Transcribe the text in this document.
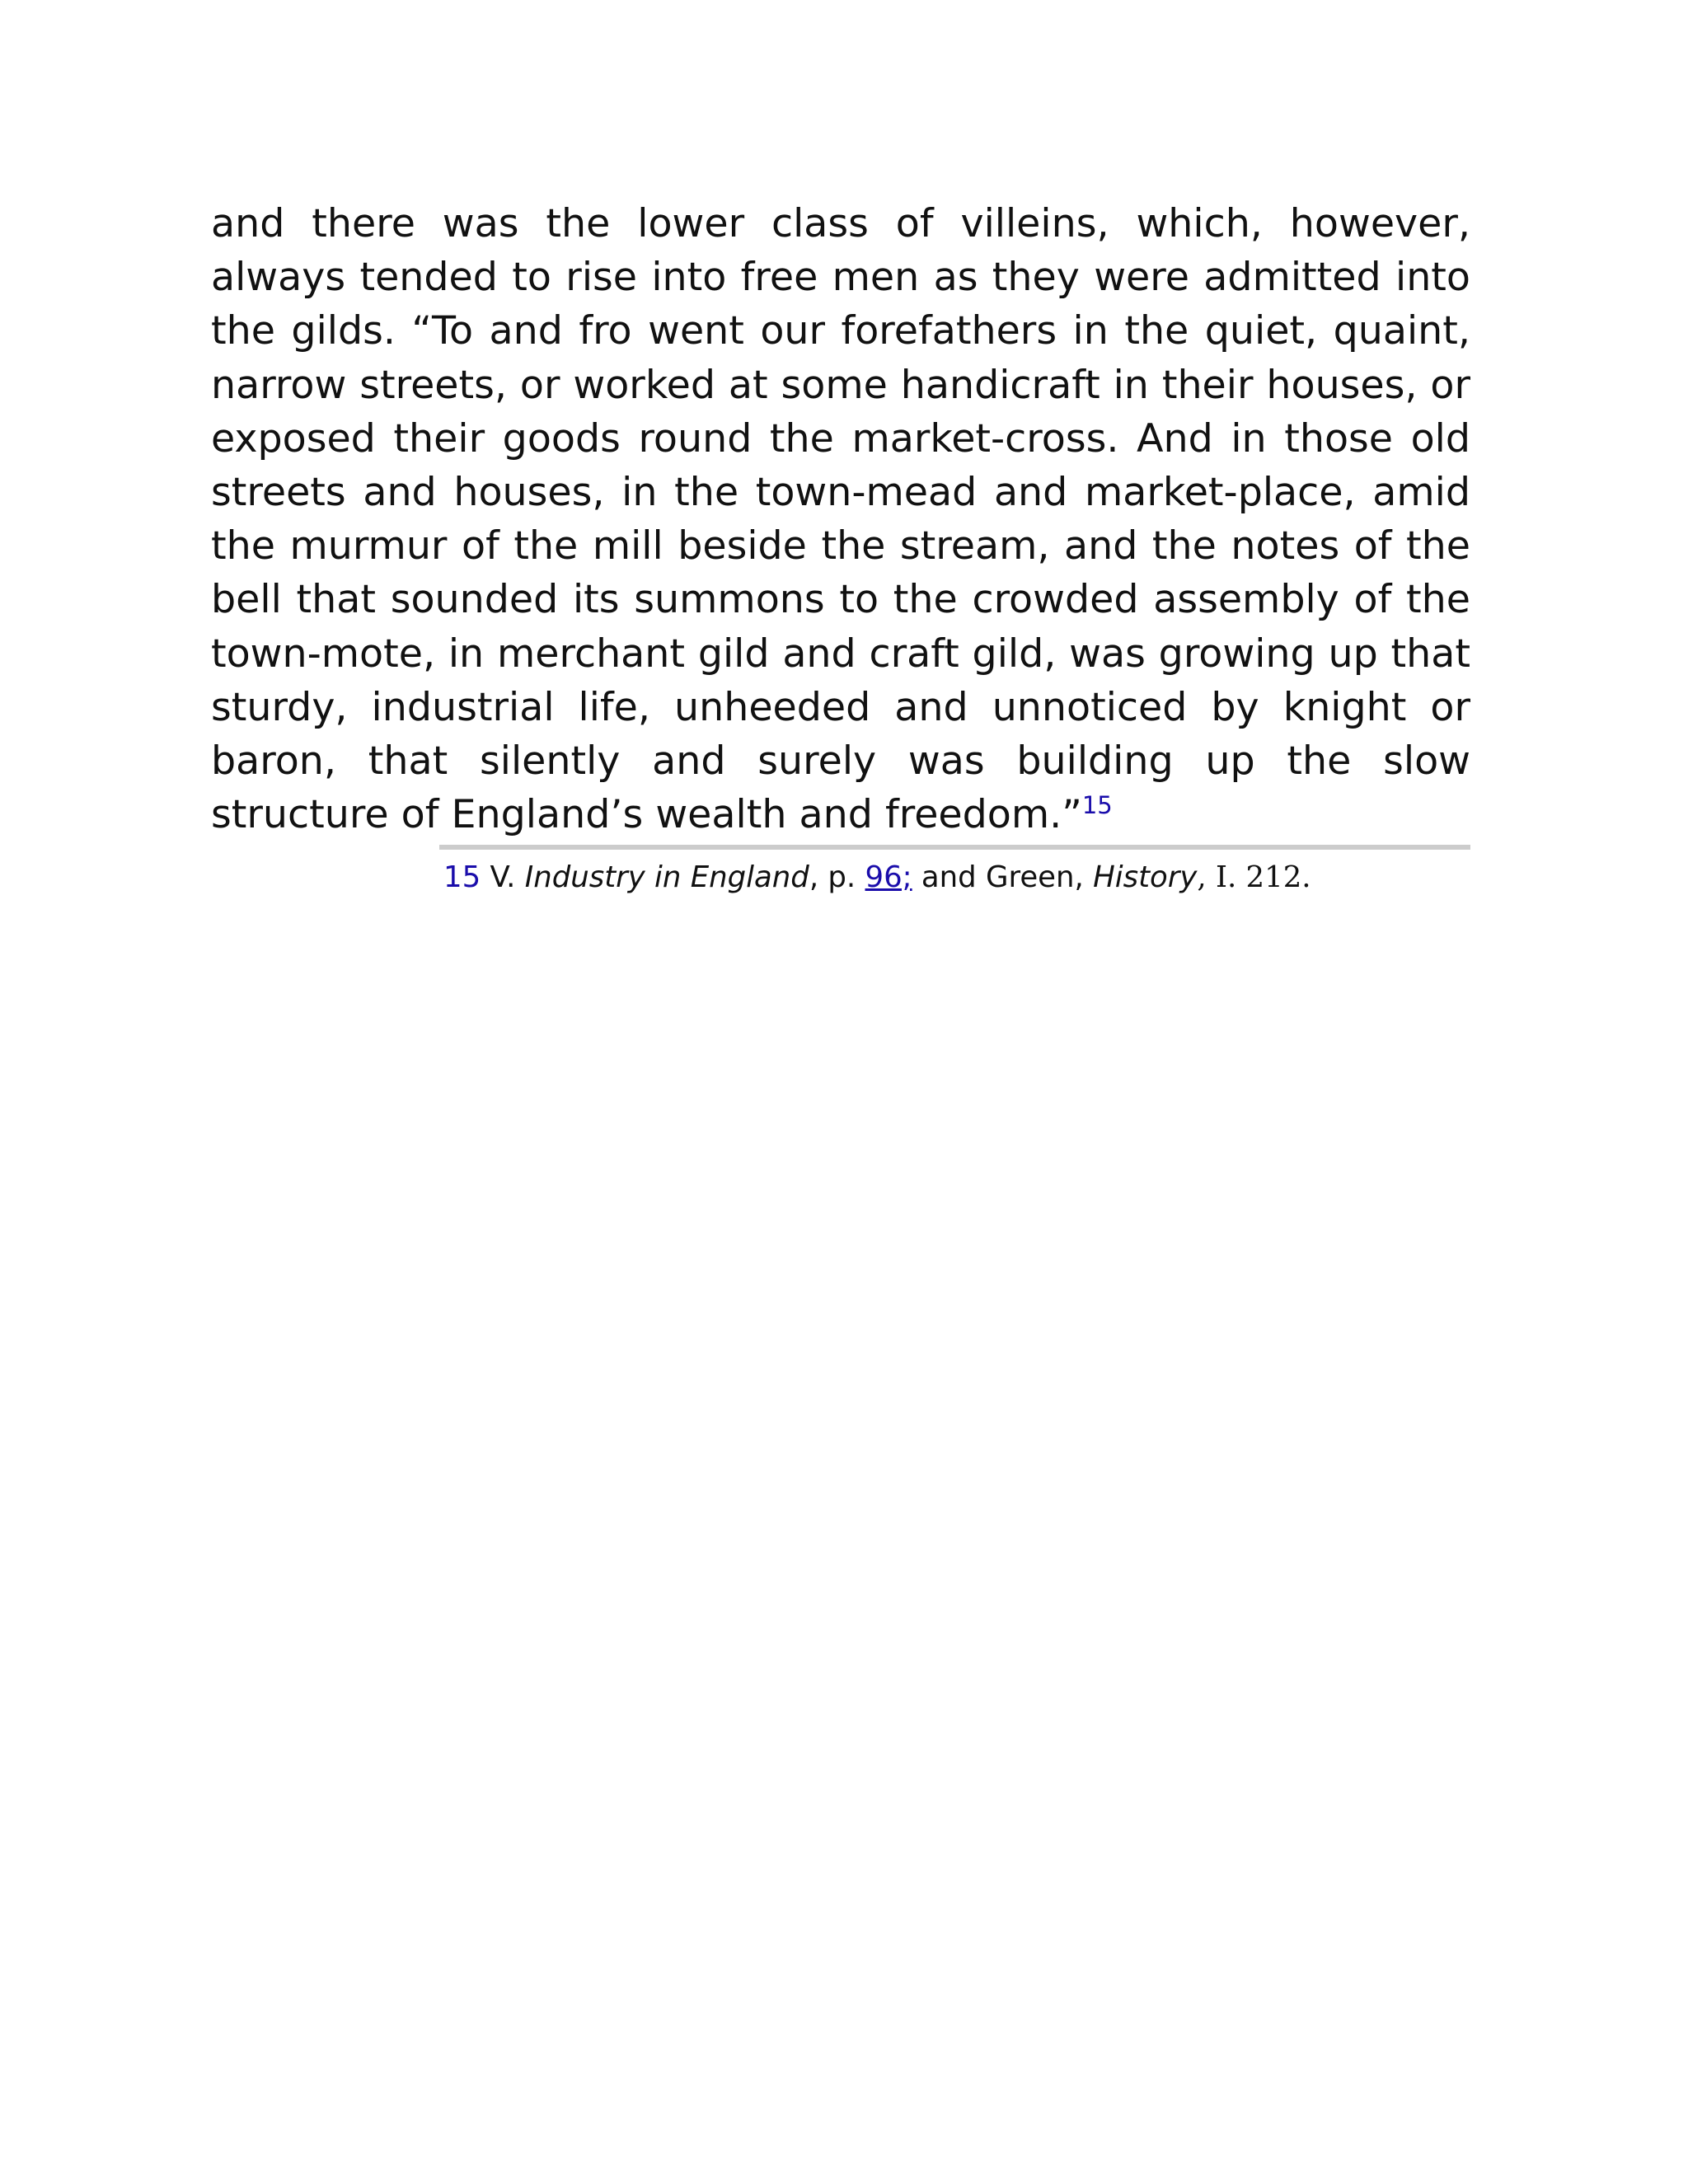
and there was the lower class of villeins, which, however, always tended to rise into free men as they were admitted into the gilds. “To and fro went our forefathers in the quiet, quaint, narrow streets, or worked at some handicraft in their houses, or exposed their goods round the market-cross. And in those old streets and houses, in the town-mead and market-place, amid the murmur of the mill beside the stream, and the notes of the bell that sounded its summons to the crowded assembly of the town-mote, in merchant gild and craft gild, was growing up that sturdy, industrial life, unheeded and unnoticed by knight or baron, that silently and surely was building up the slow structure of England’s wealth and freedom.”$^{15}$

15 V. Industry in England, p. 96; and Green, History, I. 212.
